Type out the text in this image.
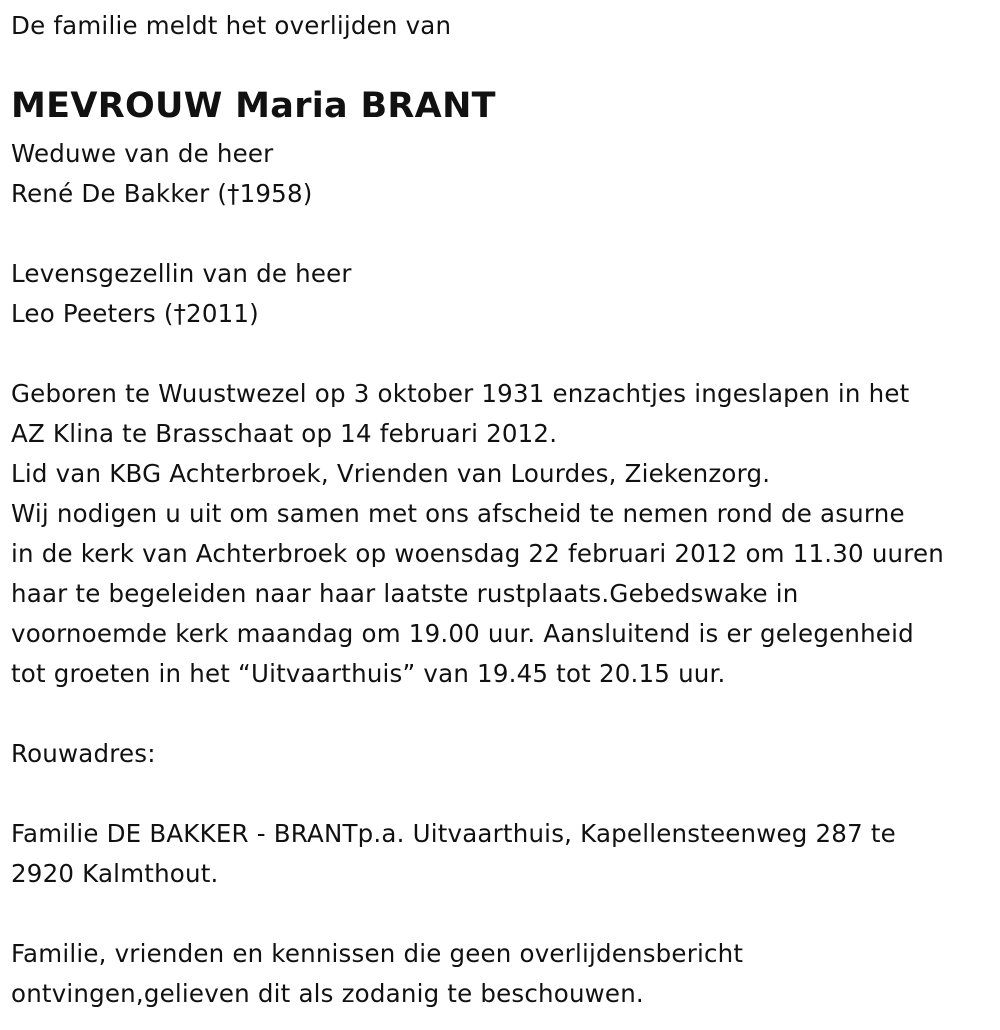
De familie meldt het overlijden van
MEVROUW Maria BRANT
Weduwe van de heer
René De Bakker (†1958)
Levensgezellin van de heer
Leo Peeters (†2011)
Geboren te Wuustwezel op 3 oktober 1931 enzachtjes ingeslapen in het
AZ Klina te Brasschaat op 14 februari 2012.
Lid van KBG Achterbroek, Vrienden van Lourdes, Ziekenzorg.
Wij nodigen u uit om samen met ons afscheid te nemen rond de asurne
in de kerk van Achterbroek op woensdag 22 februari 2012 om 11.30 uuren
haar te begeleiden naar haar laatste rustplaats.Gebedswake in
voornoemde kerk maandag om 19.00 uur. Aansluitend is er gelegenheid
tot groeten in het “Uitvaarthuis” van 19.45 tot 20.15 uur.
Rouwadres:
Familie DE BAKKER - BRANTp.a. Uitvaarthuis, Kapellensteenweg 287 te
2920 Kalmthout.
Familie, vrienden en kennissen die geen overlijdensbericht
ontvingen,gelieven dit als zodanig te beschouwen.
